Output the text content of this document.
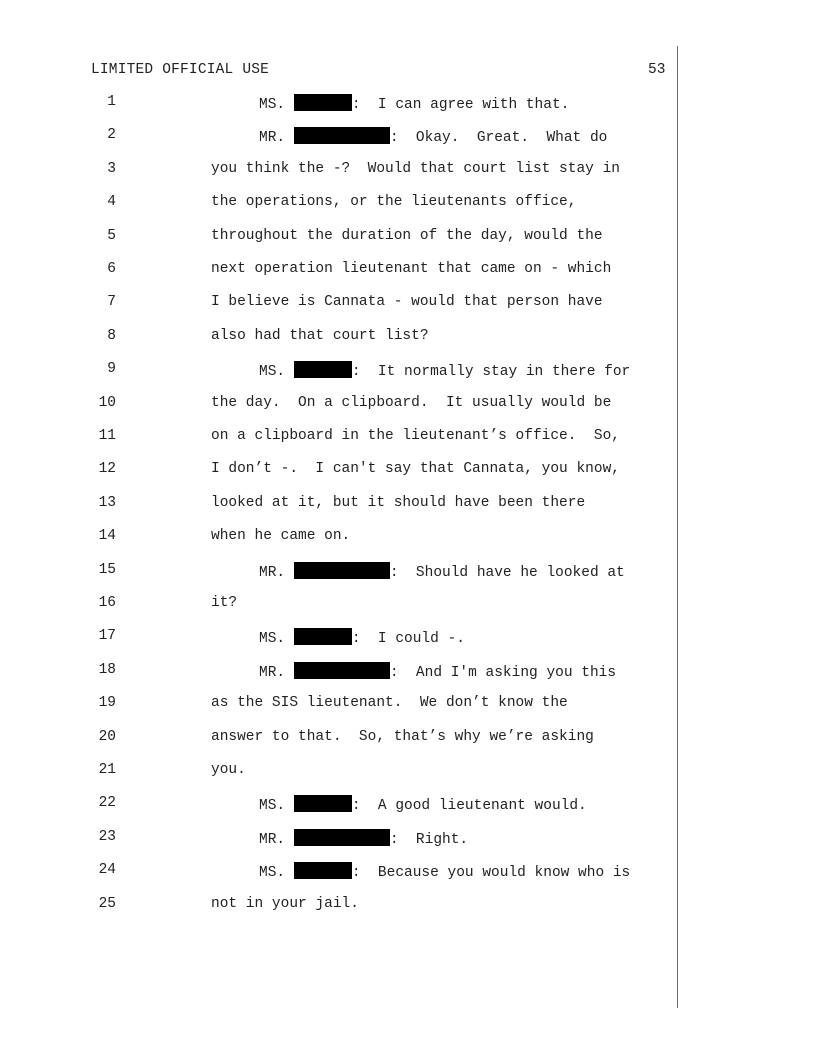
LIMITED OFFICIAL USE	53
1	MS.	:  I can agree with that.
2	MR.	:  Okay.  Great.  What do
3	you think the -?  Would that court list stay in
4	the operations, or the lieutenants office,
5	throughout the duration of the day, would the
6	next operation lieutenant that came on - which
7	I believe is Cannata - would that person have
8	also had that court list?
9	MS.	:  It normally stay in there for
10	the day.  On a clipboard.  It usually would be
11	on a clipboard in the lieutenant’s office.  So,
12	I don’t -.  I can't say that Cannata, you know,
13	looked at it, but it should have been there
14	when he came on.
15	MR.	:  Should have he looked at
16	it?
17	MS.	:  I could -.
18	MR.	:  And I'm asking you this
19	as the SIS lieutenant.  We don’t know the
20	answer to that.  So, that’s why we’re asking
21	you.
22	MS.	:  A good lieutenant would.
23	MR.	:  Right.
24	MS.	:  Because you would know who is
25	not in your jail.
